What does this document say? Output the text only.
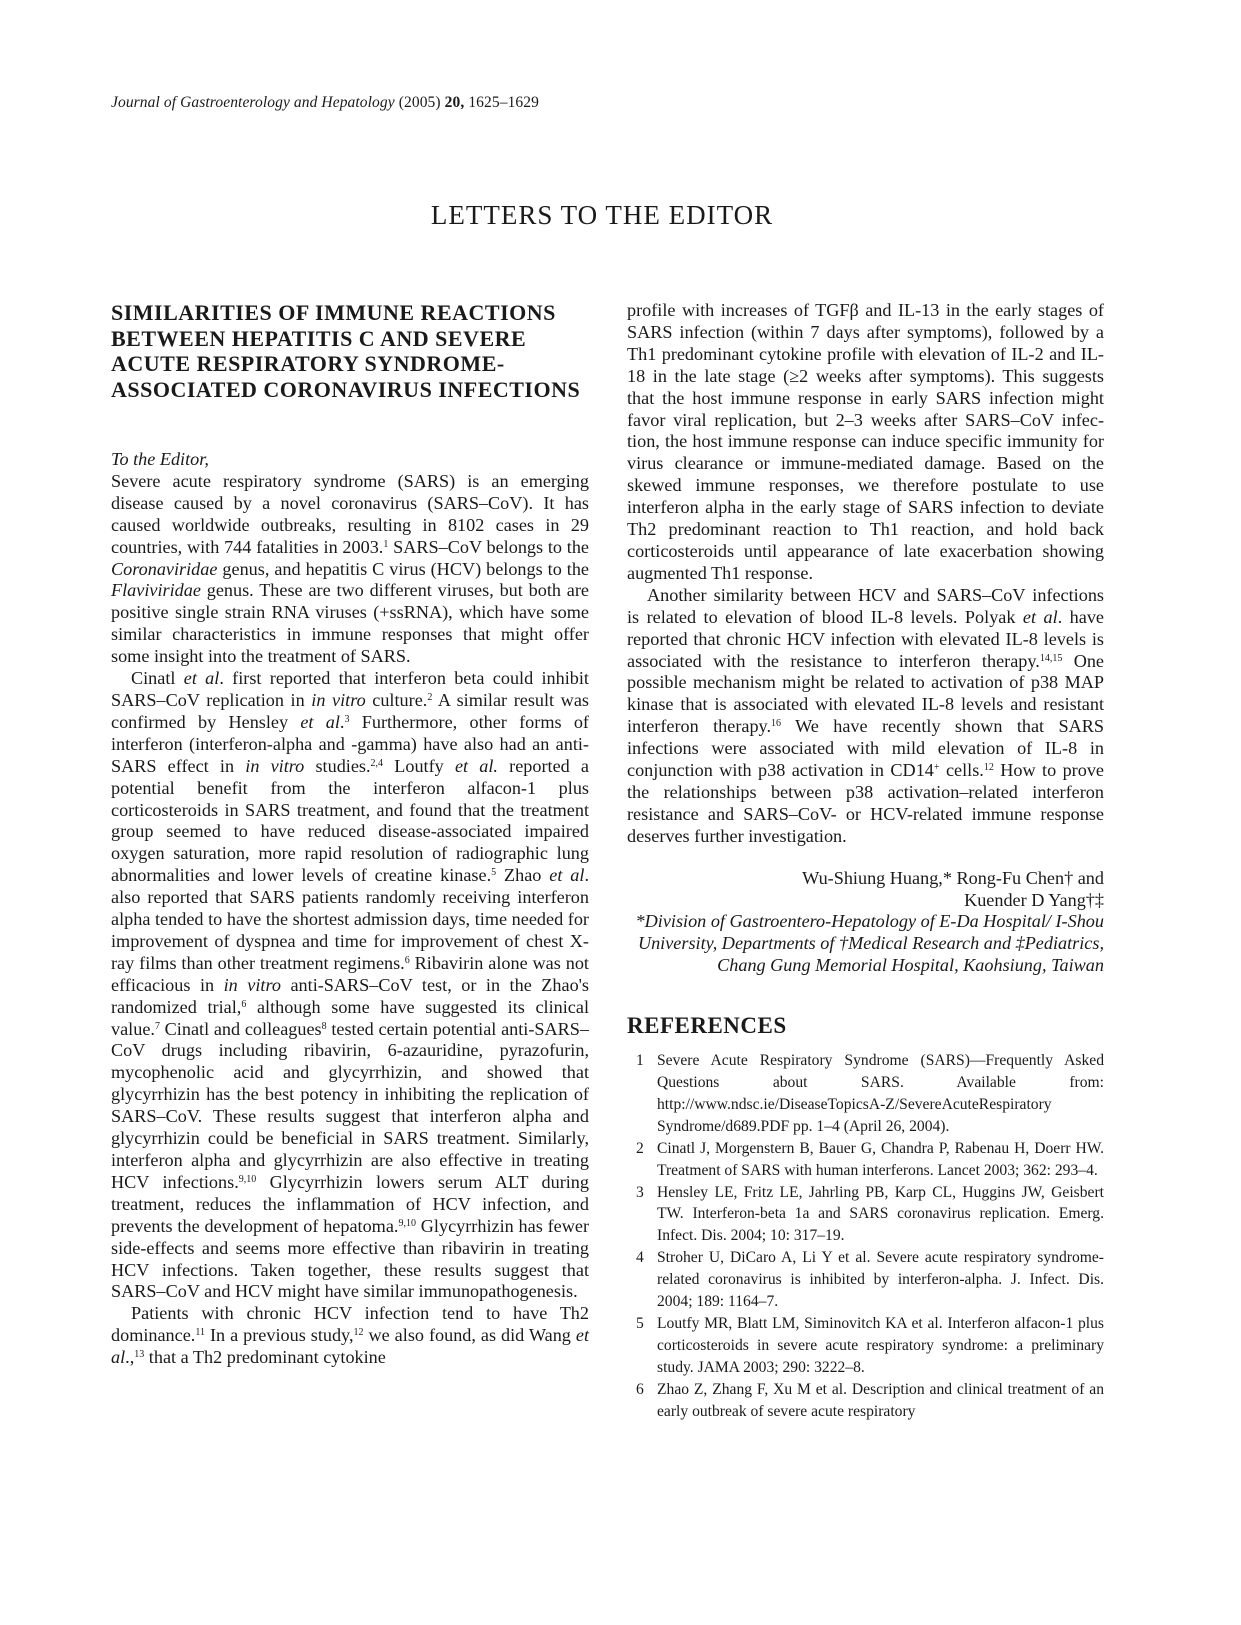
Journal of Gastroenterology and Hepatology (2005) 20, 1625–1629
LETTERS TO THE EDITOR
SIMILARITIES OF IMMUNE REACTIONS BETWEEN HEPATITIS C AND SEVERE ACUTE RESPIRATORY SYNDROME-ASSOCIATED CORONAVIRUS INFECTIONS

To the Editor,

Severe acute respiratory syndrome (SARS) is an emerging disease caused by a novel coronavirus (SARS–CoV). It has caused worldwide outbreaks, resulting in 8102 cases in 29 countries, with 744 fatalities in 2003.$^1$ SARS–CoV belongs to the Coronaviridae genus, and hepatitis C virus (HCV) belongs to the Flaviviridae genus. These are two different viruses, but both are positive single strain RNA viruses (+ssRNA), which have some similar characteristics in immune responses that might offer some insight into the treatment of SARS.

Cinatl et al. first reported that interferon beta could inhibit SARS–CoV replication in in vitro culture.$^2$ A similar result was confirmed by Hensley et al.$^3$ Furthermore, other forms of interferon (interferon-alpha and -gamma) have also had an anti-SARS effect in in vitro studies.$^{2,4}$ Loutfy et al. reported a potential benefit from the interferon alfacon-1 plus corticosteroids in SARS treatment, and found that the treatment group seemed to have reduced disease-associated impaired oxygen saturation, more rapid resolution of radiographic lung abnormalities and lower levels of creatine kinase.$^5$ Zhao et al. also reported that SARS patients randomly receiving interferon alpha tended to have the shortest admission days, time needed for improvement of dyspnea and time for improvement of chest X-ray films than other treatment regimens.$^6$ Ribavirin alone was not efficacious in in vitro anti-SARS–CoV test, or in the Zhao's randomized trial,$^6$ although some have suggested its clinical value.$^7$ Cinatl and colleagues$^8$ tested certain potential anti-SARS–CoV drugs including ribavirin, 6-azauridine, pyrazofurin, mycophenolic acid and glycyrrhizin, and showed that glycyrrhizin has the best potency in inhibiting the replication of SARS–CoV. These results suggest that interferon alpha and glycyrrhizin could be beneficial in SARS treatment. Similarly, interferon alpha and glycyrrhizin are also effective in treating HCV infections.$^{9,10}$ Glycyrrhizin lowers serum ALT during treatment, reduces the inflammation of HCV infection, and prevents the development of hepatoma.$^{9,10}$ Glycyrrhizin has fewer side-effects and seems more effective than ribavirin in treating HCV infections. Taken together, these results suggest that SARS–CoV and HCV might have similar immunopathogenesis.

Patients with chronic HCV infection tend to have Th2 dominance.$^{11}$ In a previous study,$^{12}$ we also found, as did Wang et al.,$^{13}$ that a Th2 predominant cytokine

profile with increases of TGFβ and IL-13 in the early stages of SARS infection (within 7 days after symptoms), followed by a Th1 predominant cytokine profile with elevation of IL-2 and IL-18 in the late stage (≥2 weeks after symptoms). This suggests that the host immune response in early SARS infection might favor viral replication, but 2–3 weeks after SARS–CoV infection, the host immune response can induce specific immunity for virus clearance or immune-mediated damage. Based on the skewed immune responses, we therefore postulate to use interferon alpha in the early stage of SARS infection to deviate Th2 predominant reaction to Th1 reaction, and hold back corticosteroids until appearance of late exacerbation showing augmented Th1 response.

Another similarity between HCV and SARS–CoV infections is related to elevation of blood IL-8 levels. Polyak et al. have reported that chronic HCV infection with elevated IL-8 levels is associated with the resistance to interferon therapy.$^{14,15}$ One possible mechanism might be related to activation of p38 MAP kinase that is associated with elevated IL-8 levels and resistant interferon therapy.$^{16}$ We have recently shown that SARS infections were associated with mild elevation of IL-8 in conjunction with p38 activation in CD14+ cells.$^{12}$ How to prove the relationships between p38 activation–related interferon resistance and SARS–CoV- or HCV-related immune response deserves further investigation.

Wu-Shiung Huang,* Rong-Fu Chen† and
Kuender D Yang†‡
*Division of Gastroentero-Hepatology of E-Da Hospital/ I-Shou University, Departments of †Medical Research and ‡Pediatrics, Chang Gung Memorial Hospital, Kaohsiung, Taiwan
REFERENCES
1 Severe Acute Respiratory Syndrome (SARS)—Frequently Asked Questions about SARS. Available from: http://www.ndsc.ie/DiseaseTopicsA-Z/SevereAcuteRespiratory Syndrome/d689.PDF pp. 1–4 (April 26, 2004).
2 Cinatl J, Morgenstern B, Bauer G, Chandra P, Rabenau H, Doerr HW. Treatment of SARS with human interferons. Lancet 2003; 362: 293–4.
3 Hensley LE, Fritz LE, Jahrling PB, Karp CL, Huggins JW, Geisbert TW. Interferon-beta 1a and SARS coronavirus replication. Emerg. Infect. Dis. 2004; 10: 317–19.
4 Stroher U, DiCaro A, Li Y et al. Severe acute respiratory syndrome-related coronavirus is inhibited by interferon-alpha. J. Infect. Dis. 2004; 189: 1164–7.
5 Loutfy MR, Blatt LM, Siminovitch KA et al. Interferon alfacon-1 plus corticosteroids in severe acute respiratory syndrome: a preliminary study. JAMA 2003; 290: 3222–8.
6 Zhao Z, Zhang F, Xu M et al. Description and clinical treatment of an early outbreak of severe acute respiratory
